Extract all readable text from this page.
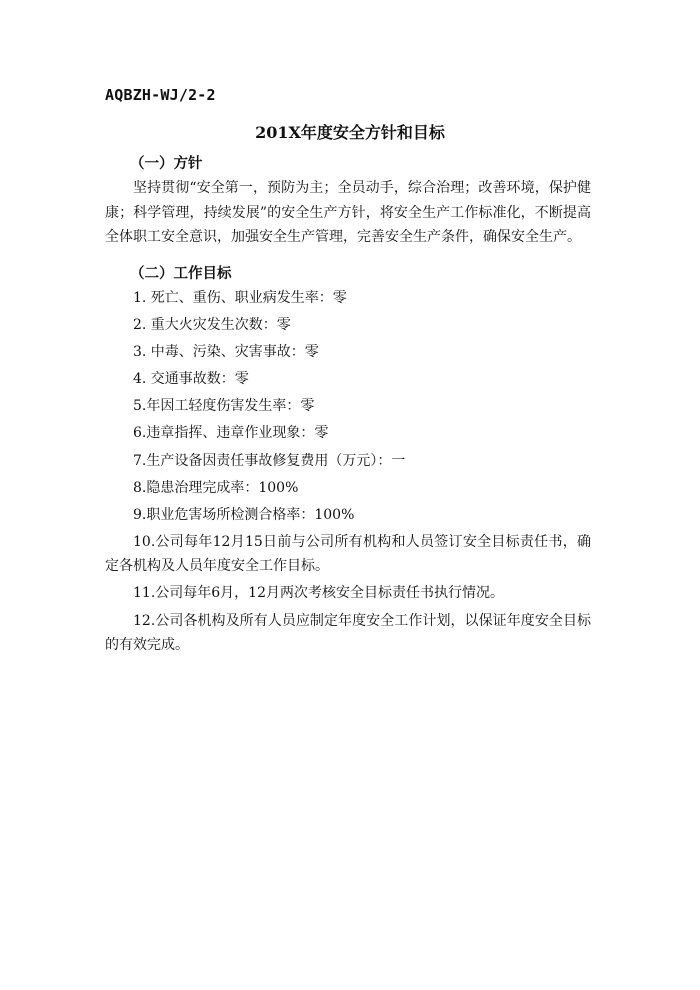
AQBZH-WJ/2-2
201X年度安全方针和目标
（一）方针
坚持贯彻“安全第一，预防为主；全员动手，综合治理；改善环境，保护健康；科学管理，持续发展”的安全生产方针，将安全生产工作标准化，不断提高全体职工安全意识，加强安全生产管理，完善安全生产条件，确保安全生产。
（二）工作目标
1. 死亡、重伤、职业病发生率：零
2. 重大火灾发生次数：零
3. 中毒、污染、灾害事故：零
4. 交通事故数：零
5.年因工轻度伤害发生率：零
6.违章指挥、违章作业现象：零
7.生产设备因责任事故修复费用（万元）：一
8.隐患治理完成率：100%
9.职业危害场所检测合格率：100%
10.公司每年12月15日前与公司所有机构和人员签订安全目标责任书，确定各机构及人员年度安全工作目标。
11.公司每年6月，12月两次考核安全目标责任书执行情况。
12.公司各机构及所有人员应制定年度安全工作计划，以保证年度安全目标的有效完成。
